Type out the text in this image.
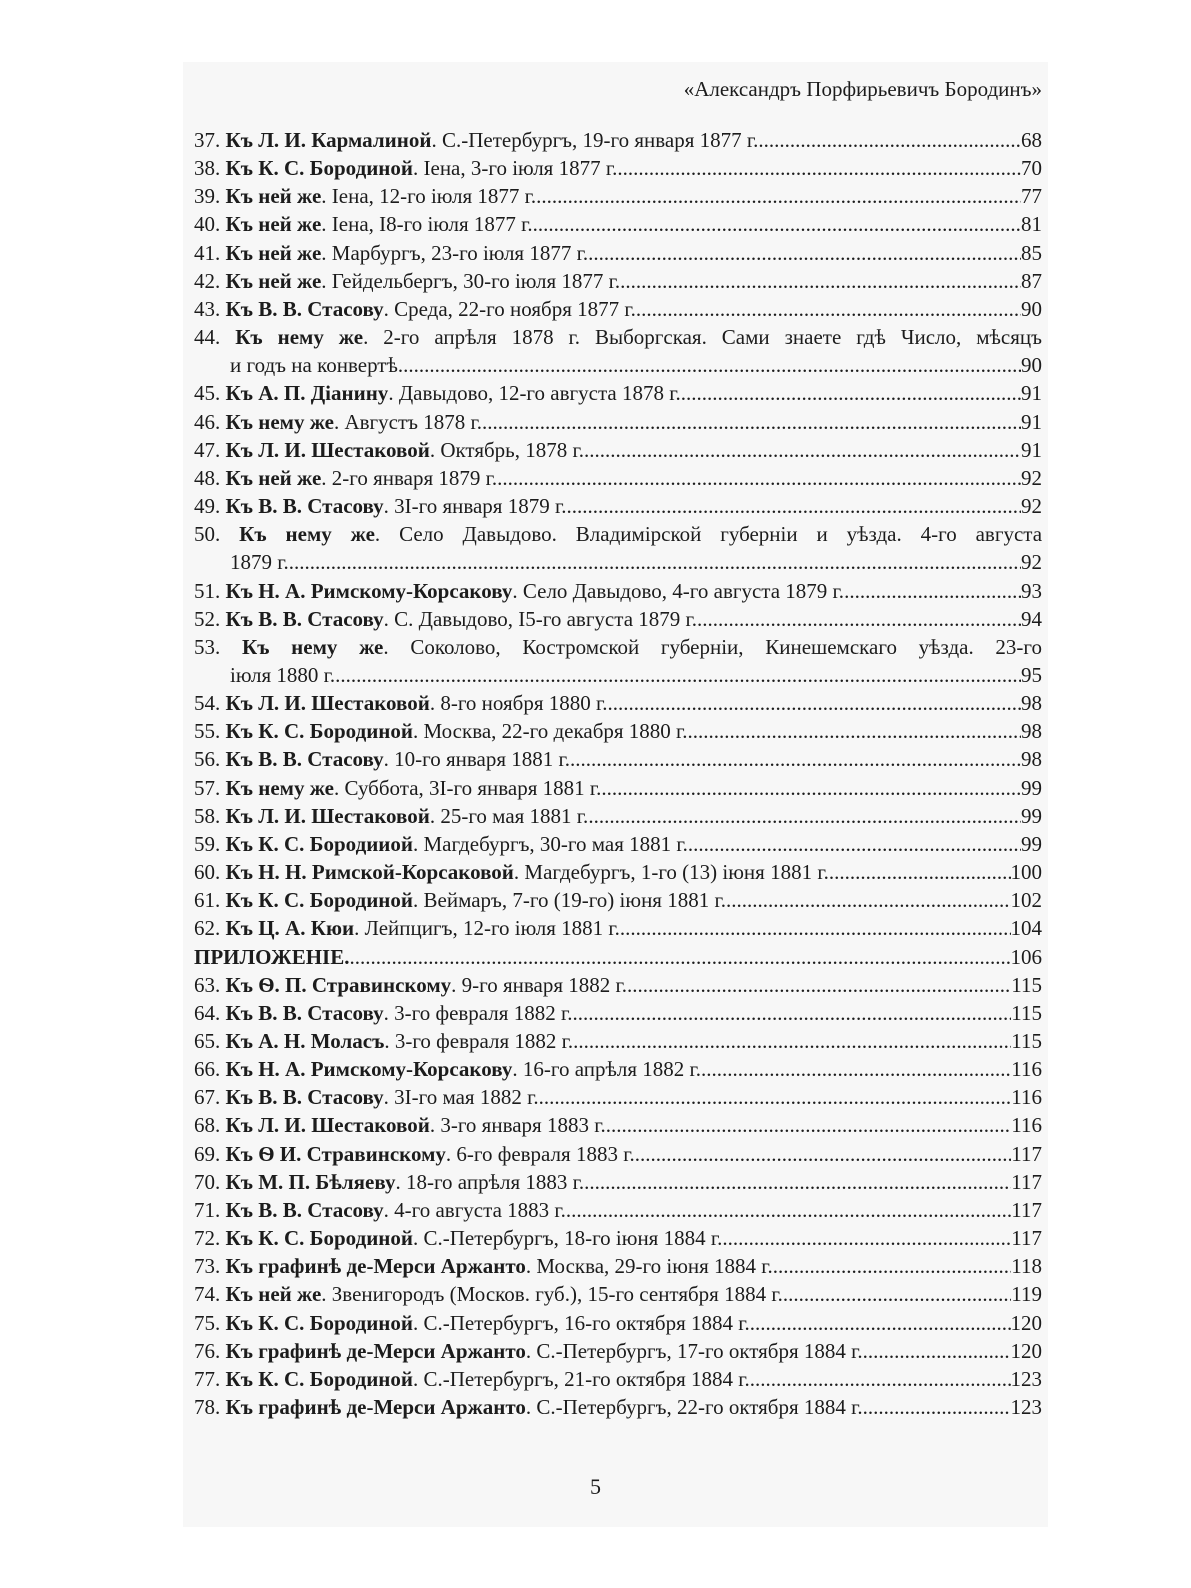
«Александръ Порфирьевичъ Бородинъ»
37. Къ Л. И. Кармалиной. С.-Петербургъ, 19-го января 1877 г. .....	68
38. Къ К. С. Бородиной. Iена, 3-го iюля 1877 г. .....	70
39. Къ ней же. Iена, 12-го iюля 1877 г. .....	77
40. Къ ней же. Iена, I8-го iюля 1877 г. .....	81
41. Къ ней же. Марбургъ, 23-го iюля 1877 г. .....	85
42. Къ ней же. Гейдельбергъ, 30-го iюля 1877 г. .....	87
43. Къ В. В. Стасову. Среда, 22-го ноября 1877 г. .....	90
44. Къ нему же. 2-го апрѣля 1878 г. Выборгская. Сами знаете гдѣ Число, мѣсяцъ
и годъ на конвертѣ. .....	90
45. Къ А. П. Дiанину. Давыдово, 12-го августа 1878 г. .....	91
46. Къ нему же. Августъ 1878 г. .....	91
47. Къ Л. И. Шестаковой. Октябрь, 1878 г. .....	91
48. Къ ней же. 2-го января 1879 г. .....	92
49. Къ В. В. Стасову. 3I-го января 1879 г. .....	92
50. Къ нему же. Село Давыдово. Владимiрской губернiи и уѣзда. 4-го августа
1879 г. .....	92
51. Къ Н. А. Римскому-Корсакову. Село Давыдово, 4-го августа 1879 г. .....	93
52. Къ В. В. Стасову. С. Давыдово, I5-го августа 1879 г. .....	94
53. Къ нему же. Соколово, Костромской губернiи, Кинешемскаго уѣзда. 23-го
iюля 1880 г. .....	95
54. Къ Л. И. Шестаковой. 8-го ноября 1880 г. .....	98
55. Къ К. С. Бородиной. Москва, 22-го декабря 1880 г. .....	98
56. Къ В. В. Стасову. 10-го января 1881 г. .....	98
57. Къ нему же. Суббота, 3I-го января 1881 г. .....	99
58. Къ Л. И. Шестаковой. 25-го мая 1881 г. .....	99
59. Къ К. С. Бородииой. Магдебургъ, 30-го мая 1881 г. .....	99
60. Къ Н. Н. Римской-Корсаковой. Магдебургъ, 1-го (13) iюня 1881 г. .....	100
61. Къ К. С. Бородиной. Веймаръ, 7-го (19-го) iюня 1881 г. .....	102
62. Къ Ц. А. Кюи. Лейпцигъ, 12-го iюля 1881 г. .....	104
ПРИЛОЖЕНIЕ. .....	106
63. Къ Ѳ. П. Стравинскому. 9-го января 1882 г. .....	115
64. Къ В. В. Стасову. 3-го февраля 1882 г. .....	115
65. Къ А. Н. Моласъ. 3-го февраля 1882 г. .....	115
66. Къ Н. А. Римскому-Корсакову. 16-го апрѣля 1882 г. .....	116
67. Къ В. В. Стасову. 3I-го мая 1882 г. .....	116
68. Къ Л. И. Шестаковой. 3-го января 1883 г. .....	116
69. Къ Ѳ И. Стравинскому. 6-го февраля 1883 г. .....	117
70. Къ М. П. Бѣляеву. 18-го апрѣля 1883 г. .....	117
71. Къ В. В. Стасову. 4-го августа 1883 г. .....	117
72. Къ К. С. Бородиной. С.-Петербургъ, 18-го iюня 1884 г. .....	117
73. Къ графинѣ де-Мерси Аржанто. Москва, 29-го iюня 1884 г. .....	118
74. Къ ней же. Звенигородъ (Москов. губ.), 15-го сентября 1884 г. .....	119
75. Къ К. С. Бородиной. С.-Петербургъ, 16-го октября 1884 г. .....	120
76. Къ графинѣ де-Мерси Аржанто. С.-Петербургъ, 17-го октября 1884 г. .....	120
77. Къ К. С. Бородиной. С.-Петербургъ, 21-го октября 1884 г. .....	123
78. Къ графинѣ де-Мерси Аржанто. С.-Петербургъ, 22-го октября 1884 г. .....	123
5
